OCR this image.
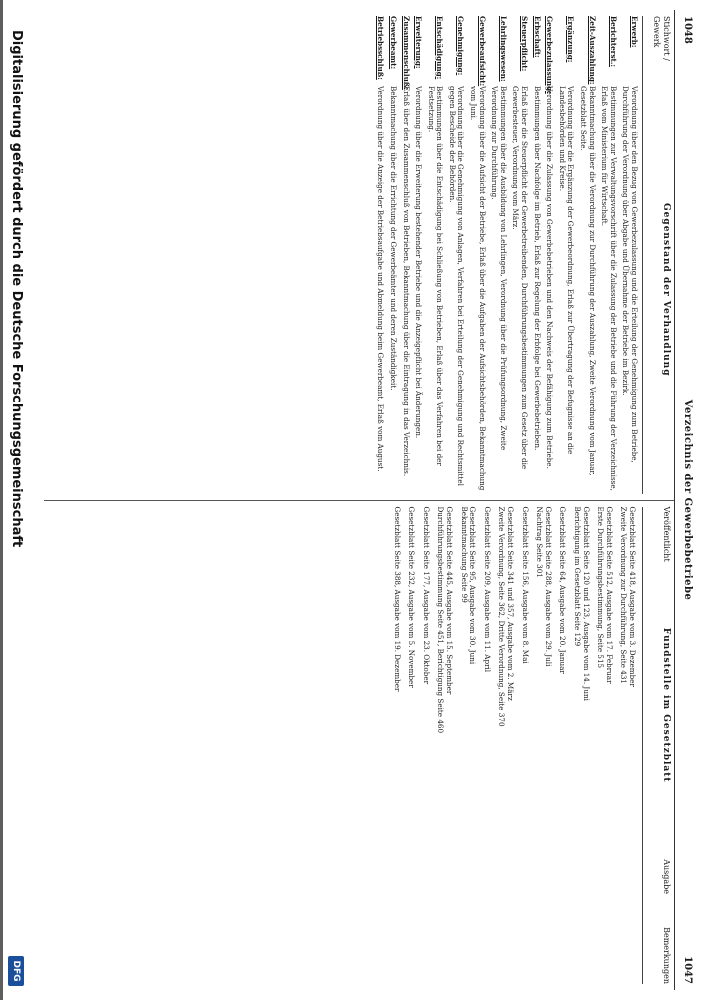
1048
Verzeichnis der Gewerbebetriebe
1047
Stichwort / Gewerk
Gegenstand der Verhandlung
Erwerb:
Verordnung über den Bezug von Gewerbezulassung und die Erteilung der Genehmigung zum Betriebe, Durchführung der Verordnung über Abgabe und Übernahme der Betriebe im Bezirk.
Berichterst.:
Bestimmungen zur Verwaltungsvorschrift über die Zulassung der Betriebe und die Führung der Verzeichnisse, Erlaß vom Ministerium für Wirtschaft.
Zeit-Auszahlung:
Bekanntmachung über die Verordnung zur Durchführung der Auszahlung, Zweite Verordnung vom Januar, Gesetzblatt Seite.
Ergänzung:
Verordnung über die Ergänzung der Gewerbeordnung, Erlaß zur Übertragung der Befugnisse an die Landesbehörden und Kreise.
Gewerbezulassung:
Verordnung über die Zulassung von Gewerbebetrieben und den Nachweis der Befähigung zum Betriebe.
Erbschaft:
Bestimmungen über Nachfolge im Betrieb, Erlaß zur Regelung der Erbfolge bei Gewerbebetrieben.
Steuerpflicht:
Erlaß über die Steuerpflicht der Gewerbetreibenden, Durchführungsbestimmungen zum Gesetz über die Gewerbesteuer, Verordnung vom März.
Lehrlingswesen:
Bestimmungen über die Ausbildung von Lehrlingen, Verordnung über die Prüfungsordnung, Zweite Verordnung zur Durchführung.
Gewerbeaufsicht:
Verordnung über die Aufsicht der Betriebe, Erlaß über die Aufgaben der Aufsichtsbehörden, Bekanntmachung vom Juni.
Genehmigung:
Verordnung über die Genehmigung von Anlagen, Verfahren bei Erteilung der Genehmigung und Rechtsmittel gegen Bescheide der Behörden.
Entschädigung:
Bestimmungen über die Entschädigung bei Schließung von Betrieben, Erlaß über das Verfahren bei der Festsetzung.
Erweiterung:
Verordnung über die Erweiterung bestehender Betriebe und die Anzeigepflicht bei Änderungen.
Zusammenschluß:
Erlaß über den Zusammenschluß von Betrieben, Bekanntmachung über die Eintragung in das Verzeichnis.
Gewerbeamt:
Bekanntmachung über die Errichtung der Gewerbeämter und deren Zuständigkeit.
Betriebsschluß:
Verordnung über die Anzeige der Betriebsaufgabe und Abmeldung beim Gewerbeamt, Erlaß vom August.
Veröffentlicht
Fundstelle im Gesetzblatt
Ausgabe
Bemerkungen
Gesetzblatt Seite 418, Ausgabe vom 3. Dezember
Zweite Verordnung zur Durchführung, Seite 431
Gesetzblatt Seite 512, Ausgabe vom 17. Februar
Erste Durchführungsbestimmung, Seite 515
Gesetzblatt Seite 120 und 123, Ausgabe vom 14. Juni
Berichtigung im Gesetzblatt Seite 129
Gesetzblatt Seite 64, Ausgabe vom 20. Januar
Gesetzblatt Seite 288, Ausgabe vom 29. Juli
Nachtrag Seite 301
Gesetzblatt Seite 156, Ausgabe vom 8. Mai
Gesetzblatt Seite 341 und 357, Ausgabe vom 2. März
Zweite Verordnung, Seite 362, Dritte Verordnung, Seite 370
Gesetzblatt Seite 209, Ausgabe vom 11. April
Gesetzblatt Seite 95, Ausgabe vom 30. Juni
Bekanntmachung Seite 99
Gesetzblatt Seite 445, Ausgabe vom 15. September
Durchführungsbestimmung Seite 451, Berichtigung Seite 460
Gesetzblatt Seite 177, Ausgabe vom 23. Oktober
Gesetzblatt Seite 232, Ausgabe vom 5. November
Gesetzblatt Seite 388, Ausgabe vom 19. Dezember
Digitalisierung gefördert durch die Deutsche Forschungsgemeinschaft
DFG
